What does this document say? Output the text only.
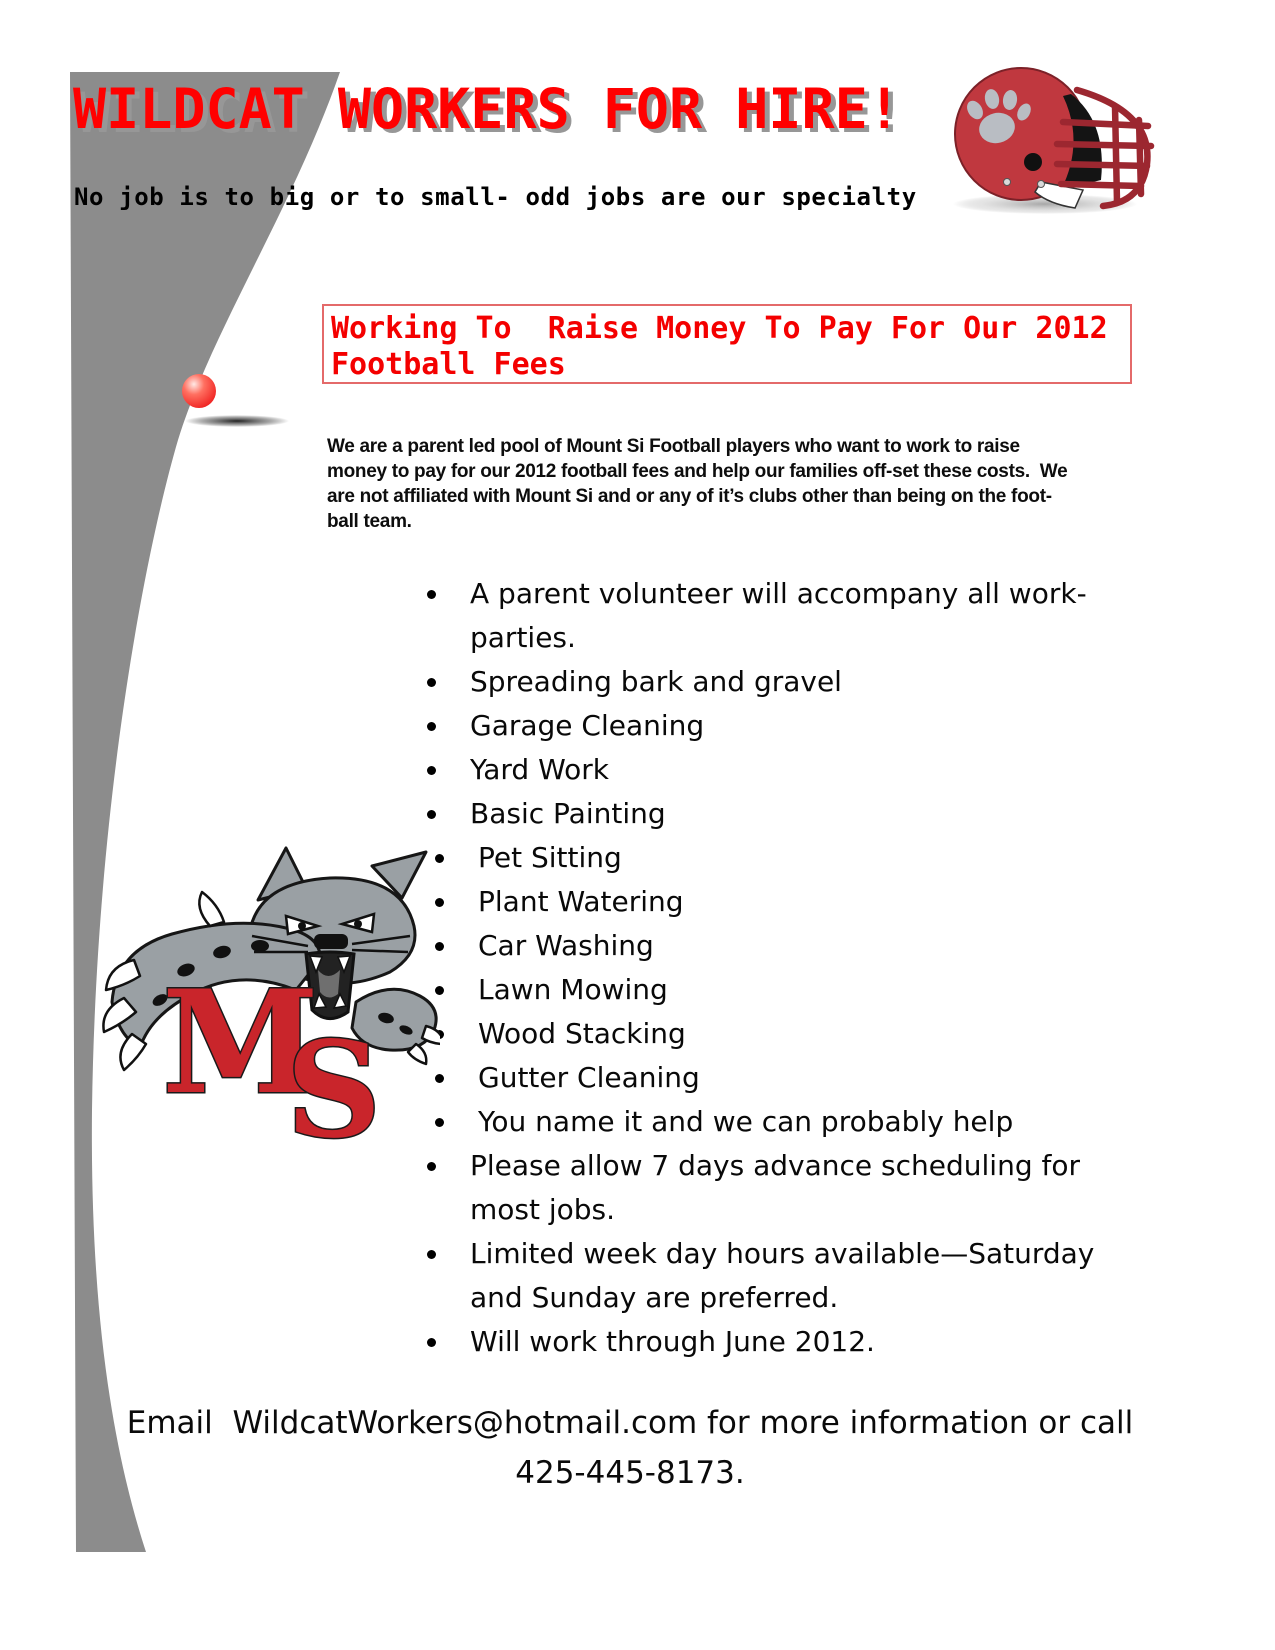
WILDCAT WORKERS FOR HIRE!
No job is to big or to small- odd jobs are our specialty
Working To  Raise Money To Pay For Our 2012
Football Fees
We are a parent led pool of Mount Si Football players who want to work to raise
money to pay for our 2012 football fees and help our families off-set these costs.  We
are not affiliated with Mount Si and or any of it’s clubs other than being on the foot-
ball team.
A parent volunteer will accompany all work-parties.
Spreading bark and gravel
Garage Cleaning
Yard Work
Basic Painting
Pet Sitting
Plant Watering
Car Washing
Lawn Mowing
Wood Stacking
Gutter Cleaning
You name it and we can probably help
Please allow 7 days advance scheduling for most jobs.
Limited week day hours available—Saturday and Sunday are preferred.
Will work through June 2012.
M
S
Email  WildcatWorkers@hotmail.com for more information or call
425-445-8173.
